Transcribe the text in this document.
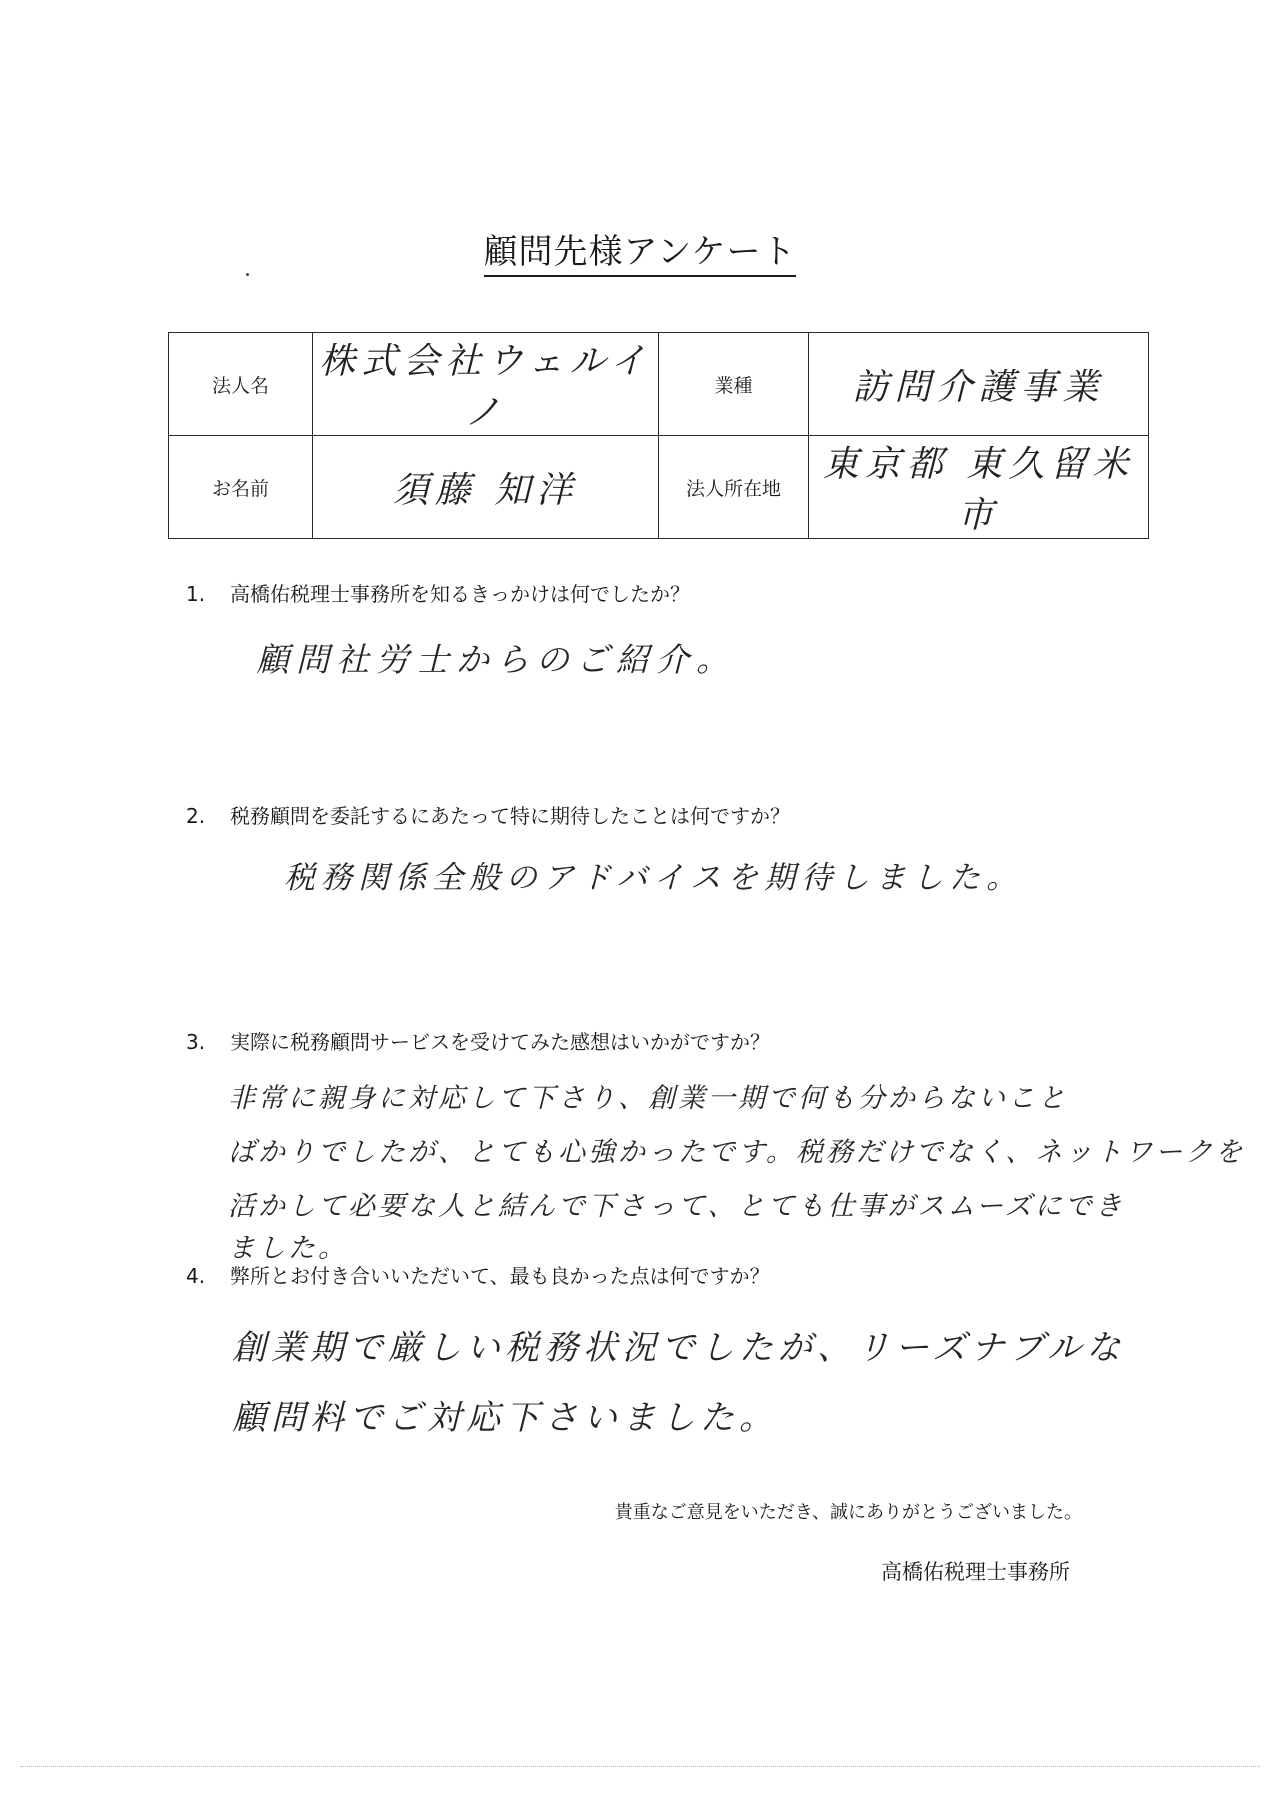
顧問先様アンケート
法人名	株式会社ウェルイノ	業種	訪問介護事業
お名前	須藤 知洋	法人所在地	東京都 東久留米市
1. 高橋佑税理士事務所を知るきっかけは何でしたか？
顧問社労士からのご紹介。
2. 税務顧問を委託するにあたって特に期待したことは何ですか？
税務関係全般のアドバイスを期待しました。
3. 実際に税務顧問サービスを受けてみた感想はいかがですか？
非常に親身に対応して下さり、創業一期で何も分からないこと
ばかりでしたが、とても心強かったです。税務だけでなく、ネットワークを
活かして必要な人と結んで下さって、とても仕事がスムーズにでき
ました。
4. 弊所とお付き合いいただいて、最も良かった点は何ですか？
創業期で厳しい税務状況でしたが、リーズナブルな
顧問料でご対応下さいました。
貴重なご意見をいただき、誠にありがとうございました。
高橋佑税理士事務所
